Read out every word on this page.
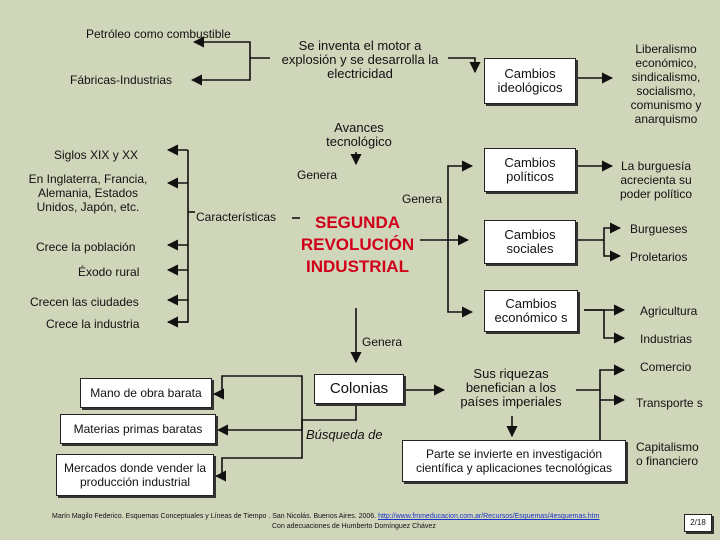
Petróleo como combustible
Fábricas-Industrias
Se inventa el motor a explosión y se desarrolla la electricidad
Avances tecnológico
Siglos XIX y XX
En Inglaterra, Francia, Alemania, Estados Unidos, Japón, etc.
Características
Crece la población
Éxodo rural
Crecen las ciudades
Crece la industria
Genera
Genera
Genera
SEGUNDA REVOLUCIÓN INDUSTRIAL
Cambios ideológicos
Liberalismo económico, sindicalismo, socialismo, comunismo y anarquismo
Cambios políticos
La burguesía acrecienta su poder político
Cambios sociales
Burgueses
Proletarios
Cambios económico s	Agricultura
Industrias
Colonias
Búsqueda de
Mano de obra barata
Materias primas baratas
Mercados donde vender la producción industrial
Sus riquezas benefician a los países imperiales
Parte se invierte en investigación científica y aplicaciones tecnológicas
Comercio
Transporte s
Capitalismo o financiero
Marín Magilo Federico. Esquemas Conceptuales y Líneas de Tiempo . San Nicolás. Buenos Aires. 2006. http://www.fmmeducacion.com.ar/Recursos/Esquemas/4esquemas.htm
Con adecuaciones de Humberto Domínguez Chávez	2/18
